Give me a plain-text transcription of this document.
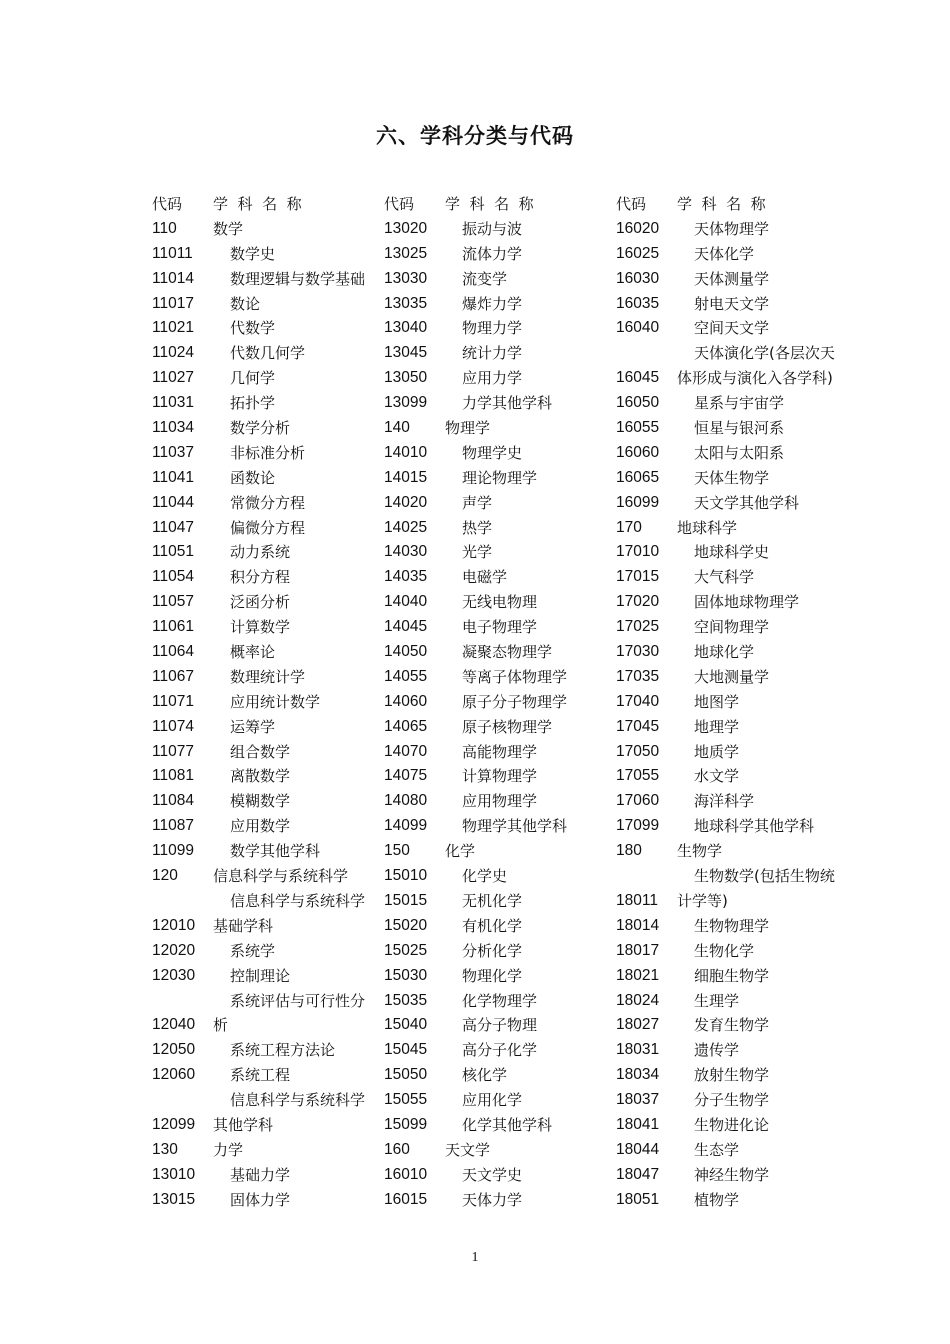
六、学科分类与代码
代码 学  科  名  称
110 数学
11011 数学史
11014 数理逻辑与数学基础
11017 数论
11021 代数学
11024 代数几何学
11027 几何学
11031 拓扑学
11034 数学分析
11037 非标准分析
11041 函数论
11044 常微分方程
11047 偏微分方程
11051 动力系统
11054 积分方程
11057 泛函分析
11061 计算数学
11064 概率论
11067 数理统计学
11071 应用统计数学
11074 运筹学
11077 组合数学
11081 离散数学
11084 模糊数学
11087 应用数学
11099 数学其他学科
120 信息科学与系统科学
信息科学与系统科学
12010 基础学科
12020 系统学
12030 控制理论
系统评估与可行性分
12040 析
12050 系统工程方法论
12060 系统工程
信息科学与系统科学
12099 其他学科
130 力学
13010 基础力学
13015 固体力学
代码 学  科  名  称
13020 振动与波
13025 流体力学
13030 流变学
13035 爆炸力学
13040 物理力学
13045 统计力学
13050 应用力学
13099 力学其他学科
140 物理学
14010 物理学史
14015 理论物理学
14020 声学
14025 热学
14030 光学
14035 电磁学
14040 无线电物理
14045 电子物理学
14050 凝聚态物理学
14055 等离子体物理学
14060 原子分子物理学
14065 原子核物理学
14070 高能物理学
14075 计算物理学
14080 应用物理学
14099 物理学其他学科
150 化学
15010 化学史
15015 无机化学
15020 有机化学
15025 分析化学
15030 物理化学
15035 化学物理学
15040 高分子物理
15045 高分子化学
15050 核化学
15055 应用化学
15099 化学其他学科
160 天文学
16010 天文学史
16015 天体力学
代码 学  科  名  称
16020 天体物理学
16025 天体化学
16030 天体测量学
16035 射电天文学
16040 空间天文学
天体演化学(各层次天
16045 体形成与演化入各学科)
16050 星系与宇宙学
16055 恒星与银河系
16060 太阳与太阳系
16065 天体生物学
16099 天文学其他学科
170 地球科学
17010 地球科学史
17015 大气科学
17020 固体地球物理学
17025 空间物理学
17030 地球化学
17035 大地测量学
17040 地图学
17045 地理学
17050 地质学
17055 水文学
17060 海洋科学
17099 地球科学其他学科
180 生物学
生物数学(包括生物统
18011 计学等)
18014 生物物理学
18017 生物化学
18021 细胞生物学
18024 生理学
18027 发育生物学
18031 遗传学
18034 放射生物学
18037 分子生物学
18041 生物进化论
18044 生态学
18047 神经生物学
18051 植物学
1
